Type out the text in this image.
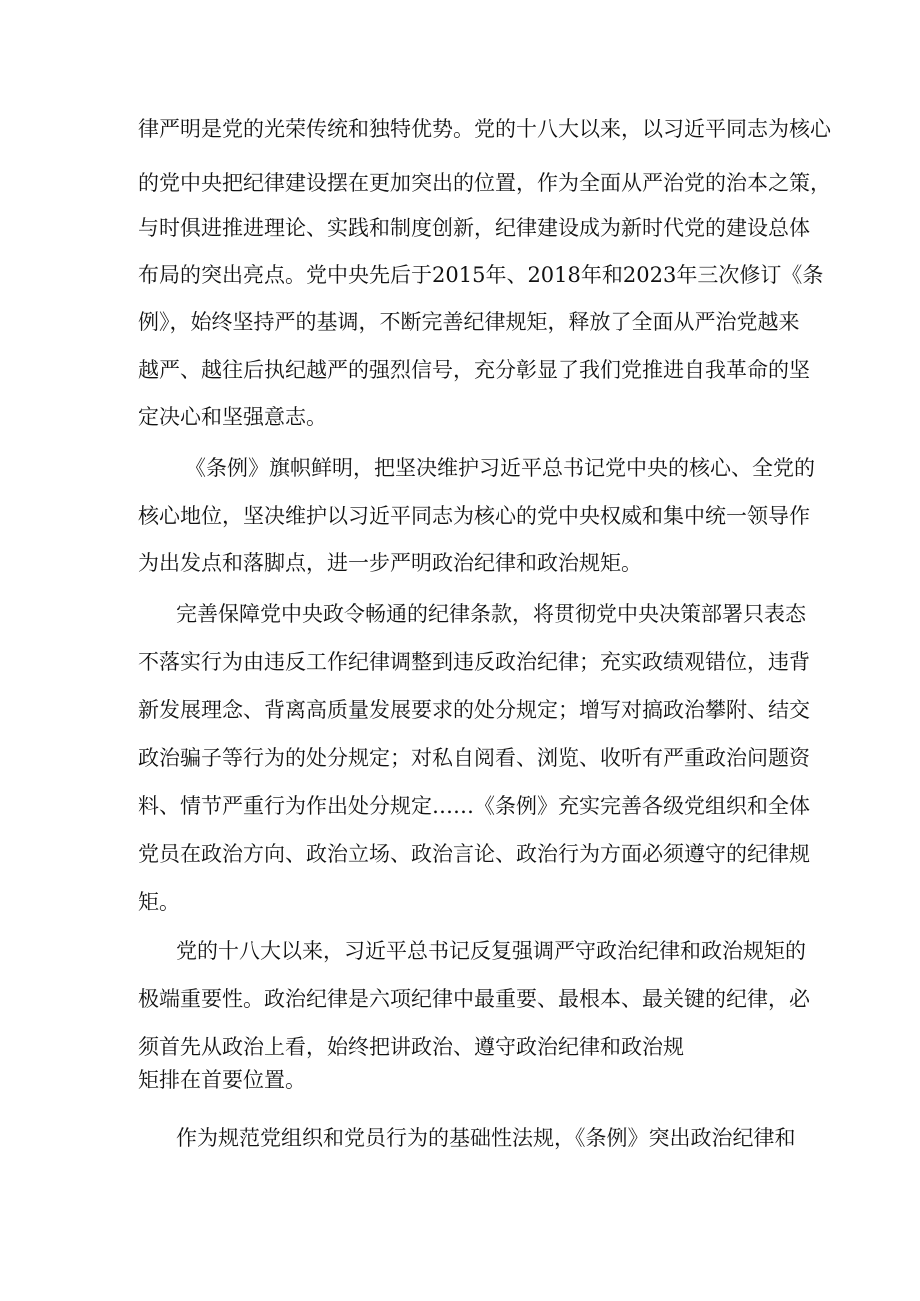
律严明是党的光荣传统和独特优势。党的十八大以来，以习近平同志为核心
的党中央把纪律建设摆在更加突出的位置，作为全面从严治党的治本之策，
与时俱进推进理论、实践和制度创新，纪律建设成为新时代党的建设总体
布局的突出亮点。党中央先后于2015年、2018年和2023年三次修订《条
例》，始终坚持严的基调，不断完善纪律规矩，释放了全面从严治党越来
越严、越往后执纪越严的强烈信号，充分彰显了我们党推进自我革命的坚
定决心和坚强意志。
《条例》旗帜鲜明，把坚决维护习近平总书记党中央的核心、全党的
核心地位，坚决维护以习近平同志为核心的党中央权威和集中统一领导作
为出发点和落脚点，进一步严明政治纪律和政治规矩。
完善保障党中央政令畅通的纪律条款，将贯彻党中央决策部署只表态
不落实行为由违反工作纪律调整到违反政治纪律；充实政绩观错位，违背
新发展理念、背离高质量发展要求的处分规定；增写对搞政治攀附、结交
政治骗子等行为的处分规定；对私自阅看、浏览、收听有严重政治问题资
料、情节严重行为作出处分规定……《条例》充实完善各级党组织和全体
党员在政治方向、政治立场、政治言论、政治行为方面必须遵守的纪律规
矩。
党的十八大以来，习近平总书记反复强调严守政治纪律和政治规矩的
极端重要性。政治纪律是六项纪律中最重要、最根本、最关键的纪律，必
须首先从政治上看，始终把讲政治、遵守政治纪律和政治规
矩排在首要位置。
作为规范党组织和党员行为的基础性法规，《条例》突出政治纪律和
